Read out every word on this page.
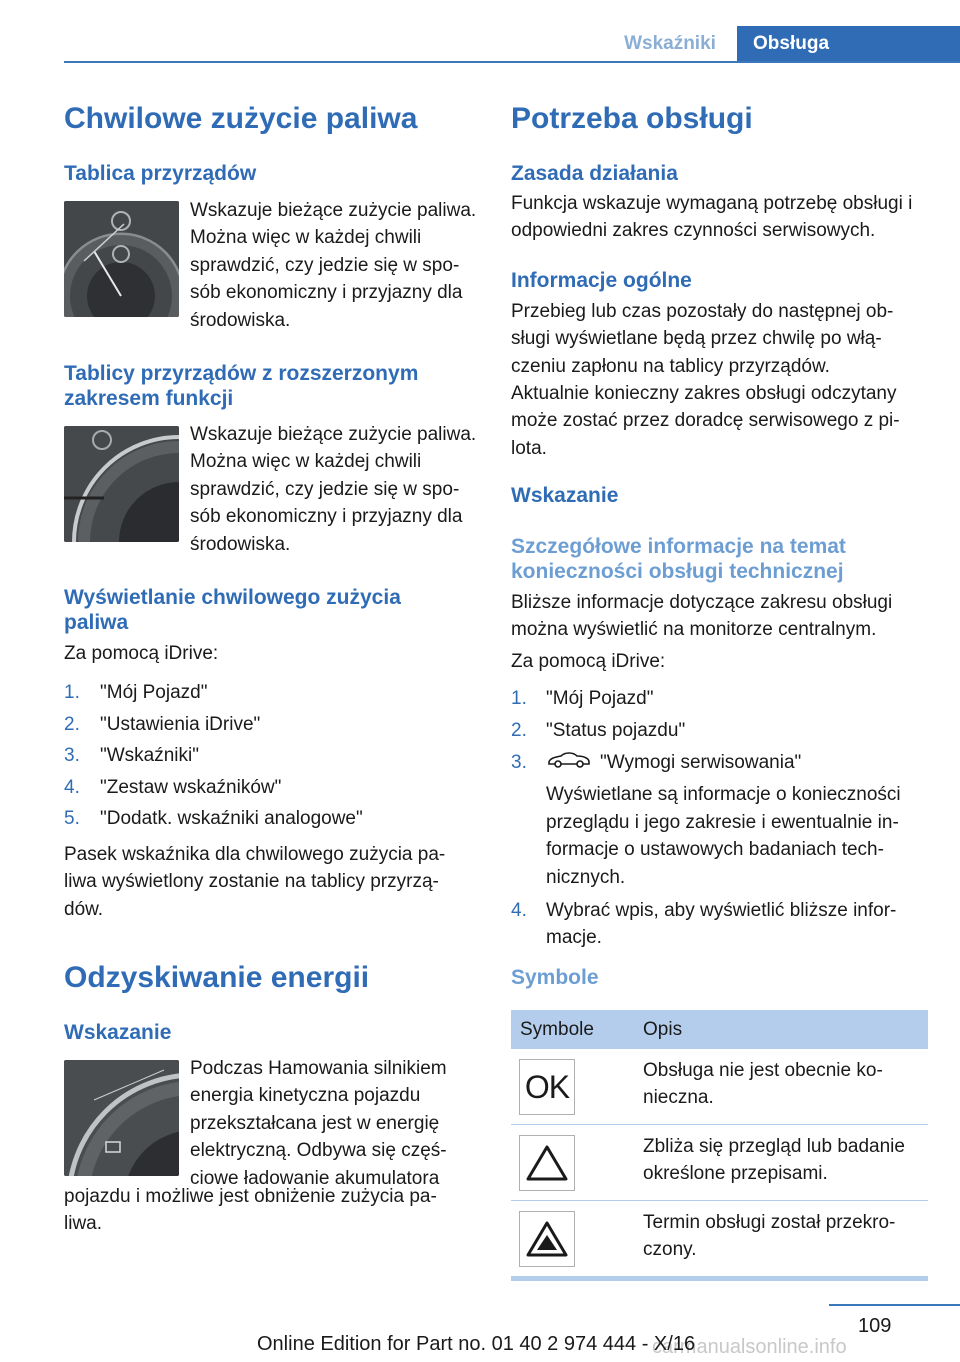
Wskaźniki	Obsługa
Chwilowe zużycie paliwa
Tablica przyrządów
Wskazuje bieżące zużycie paliwa. Można więc w każdej chwili sprawdzić, czy jedzie się w sposób ekonomiczny i przyjazny dla środowiska.
Tablicy przyrządów z rozszerzonym zakresem funkcji
Wskazuje bieżące zużycie paliwa. Można więc w każdej chwili sprawdzić, czy jedzie się w sposób ekonomiczny i przyjazny dla środowiska.
Wyświetlanie chwilowego zużycia paliwa
Za pomocą iDrive:
1. "Mój Pojazd"
2. "Ustawienia iDrive"
3. "Wskaźniki"
4. "Zestaw wskaźników"
5. "Dodatk. wskaźniki analogowe"
Pasek wskaźnika dla chwilowego zużycia paliwa wyświetlony zostanie na tablicy przyrządów.
Odzyskiwanie energii
Wskazanie
Podczas Hamowania silnikiem energia kinetyczna pojazdu przekształcana jest w energię elektryczną. Odbywa się częściowe ładowanie akumulatora
pojazdu i możliwe jest obniżenie zużycia paliwa.
Potrzeba obsługi
Zasada działania
Funkcja wskazuje wymaganą potrzebę obsługi i odpowiedni zakres czynności serwisowych.
Informacje ogólne
Przebieg lub czas pozostały do następnej obsługi wyświetlane będą przez chwilę po włączeniu zapłonu na tablicy przyrządów.
Aktualnie konieczny zakres obsługi odczytany może zostać przez doradcę serwisowego z pilota.
Wskazanie
Szczegółowe informacje na temat konieczności obsługi technicznej
Bliższe informacje dotyczące zakresu obsługi można wyświetlić na monitorze centralnym.
Za pomocą iDrive:
1. "Mój Pojazd"
2. "Status pojazdu"
3.	"Wymogi serwisowania"
Wyświetlane są informacje o konieczności przeglądu i jego zakresie i ewentualnie informacje o ustawowych badaniach technicznych.
4. Wybrać wpis, aby wyświetlić bliższe informacje.
Symbole
Symbole	Opis
OK	Obsługa nie jest obecnie konieczna.
Zbliża się przegląd lub badanie określone przepisami.
Termin obsługi został przekroczony.
109
carmanualsonline.info
Online Edition for Part no. 01 40 2 974 444 - X/16
